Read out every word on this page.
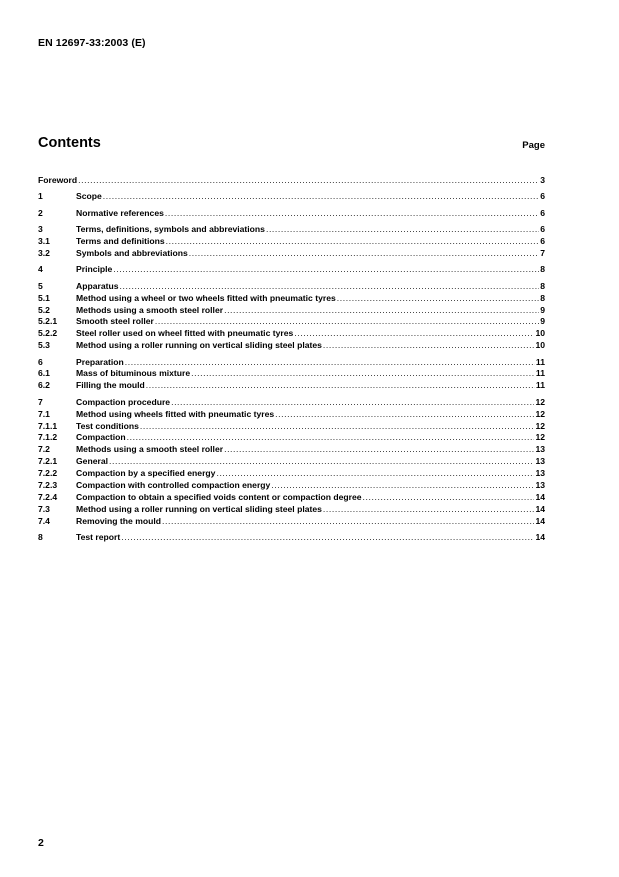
EN 12697-33:2003 (E)
Contents	Page
Foreword .....	3
1	Scope .....	6
2	Normative references .....	6
3	Terms, definitions, symbols and abbreviations .....	6
3.1	Terms and definitions .....	6
3.2	Symbols and abbreviations .....	7
4	Principle .....	8
5	Apparatus .....	8
5.1	Method using a wheel or two wheels fitted with pneumatic tyres .....	8
5.2	Methods using a smooth steel roller .....	9
5.2.1	Smooth steel roller .....	9
5.2.2	Steel roller used on wheel fitted with pneumatic tyres .....	10
5.3	Method using a roller running on vertical sliding steel plates .....	10
6	Preparation .....	11
6.1	Mass of bituminous mixture .....	11
6.2	Filling the mould .....	11
7	Compaction procedure .....	12
7.1	Method using wheels fitted with pneumatic tyres .....	12
7.1.1	Test conditions .....	12
7.1.2	Compaction .....	12
7.2	Methods using a smooth steel roller .....	13
7.2.1	General .....	13
7.2.2	Compaction by a specified energy .....	13
7.2.3	Compaction with controlled compaction energy .....	13
7.2.4	Compaction to obtain a specified voids content or compaction degree .....	14
7.3	Method using a roller running on vertical sliding steel plates .....	14
7.4	Removing the mould .....	14
8	Test report .....	14
2
